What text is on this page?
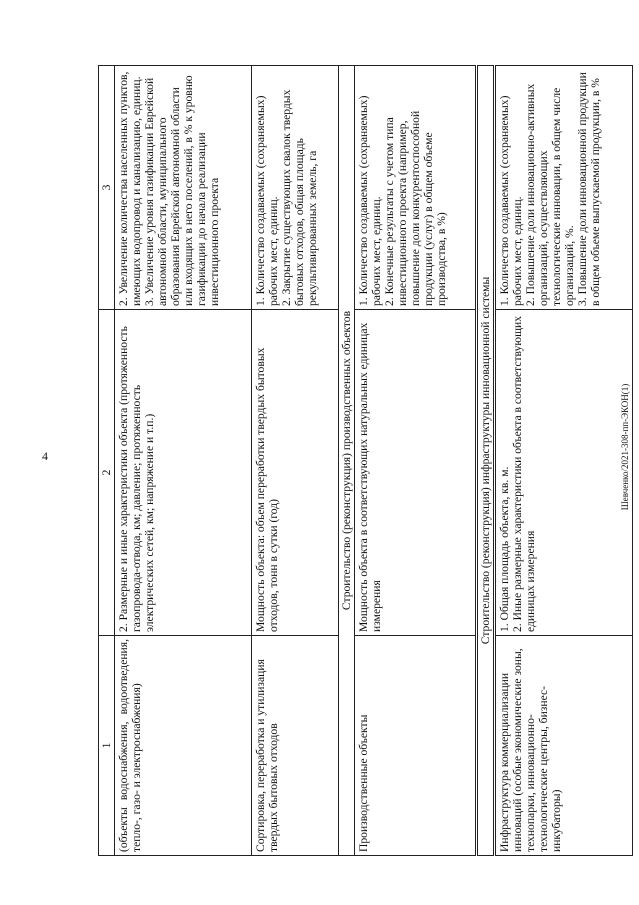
4	Шевченко/2021-308-пп-ЭКОН(1)
1	2	3
(объекты водоснабжения, водоотведения, тепло-, газо- и электроснабжения)	2. Размерные и иные характеристики объекта (протяженность газопровода-отвода, км; давление; протяженность электрических сетей, км; напряжение и т.п.)	2. Увеличение количества населенных пунктов, имеющих водопровод и канализацию, единиц. 3. Увеличение уровня газификации Еврейской автономной области, муниципального образования Еврейской автономной области или входящих в него поселений, в % к уровню газификации до начала реализации инвестиционного проекта

Сортировка, переработка и утилизация твердых бытовых отходов	Мощность объекта: объем переработки твердых бытовых отходов, тонн в сутки (год)	1. Количество создаваемых (сохраняемых) рабочих мест, единиц. 2. Закрытие существующих свалок твердых бытовых отходов, общая площадь рекультивированных земель, га

Строительство (реконструкция) производственных объектов		
Производственные объекты	Мощность объекта в соответствующих натуральных единицах измерения	1. Количество создаваемых (сохраняемых) рабочих мест, единиц. 2. Конечные результаты с учетом типа инвестиционного проекта (например, повышение доли конкурентоспособной продукции (услуг) в общем объеме производства, в %)

Строительство (реконструкция) инфраструктуры инновационной системы		
Инфраструктура коммерциализации инноваций (особые экономические зоны, технопарки, инновационно-технологические центры, бизнес-инкубаторы)	1. Общая площадь объекта, кв. м. 2. Иные размерные характеристики объекта в соответствующих единицах измерения	1. Количество создаваемых (сохраняемых) рабочих мест, единиц. 2. Повышение доли инновационно-активных организаций, осуществляющих технологические инновации, в общем числе организаций, %. 3. Повышение доли инновационной продукции в общем объеме выпускаемой продукции, в %
